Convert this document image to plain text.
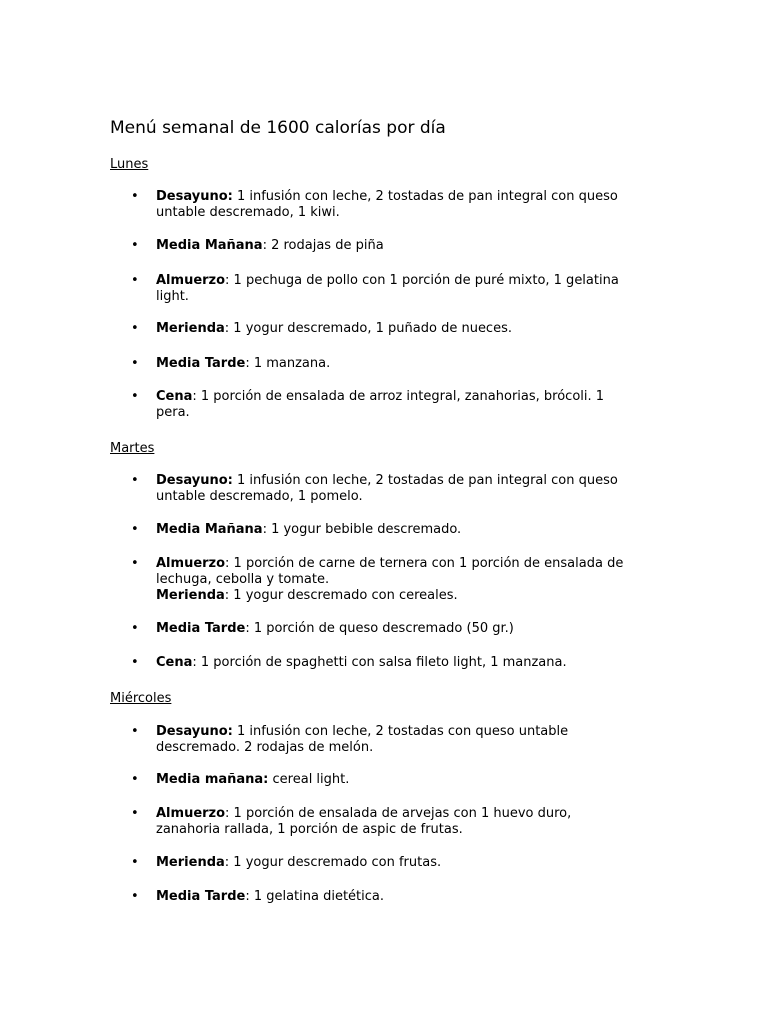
Menú semanal de 1600 calorías por día
Lunes
• Desayuno: 1 infusión con leche, 2 tostadas de pan integral con queso
untable descremado, 1 kiwi.
• Media Mañana: 2 rodajas de piña
• Almuerzo: 1 pechuga de pollo con 1 porción de puré mixto, 1 gelatina
light.
• Merienda: 1 yogur descremado, 1 puñado de nueces.
• Media Tarde: 1 manzana.
• Cena: 1 porción de ensalada de arroz integral, zanahorias, brócoli. 1
pera.
Martes
• Desayuno: 1 infusión con leche, 2 tostadas de pan integral con queso
untable descremado, 1 pomelo.
• Media Mañana: 1 yogur bebible descremado.
• Almuerzo: 1 porción de carne de ternera con 1 porción de ensalada de
lechuga, cebolla y tomate.
Merienda: 1 yogur descremado con cereales.
• Media Tarde: 1 porción de queso descremado (50 gr.)
• Cena: 1 porción de spaghetti con salsa fileto light, 1 manzana.
Miércoles
• Desayuno: 1 infusión con leche, 2 tostadas con queso untable
descremado. 2 rodajas de melón.
• Media mañana: cereal light.
• Almuerzo: 1 porción de ensalada de arvejas con 1 huevo duro,
zanahoria rallada, 1 porción de aspic de frutas.
• Merienda: 1 yogur descremado con frutas.
• Media Tarde: 1 gelatina dietética.
